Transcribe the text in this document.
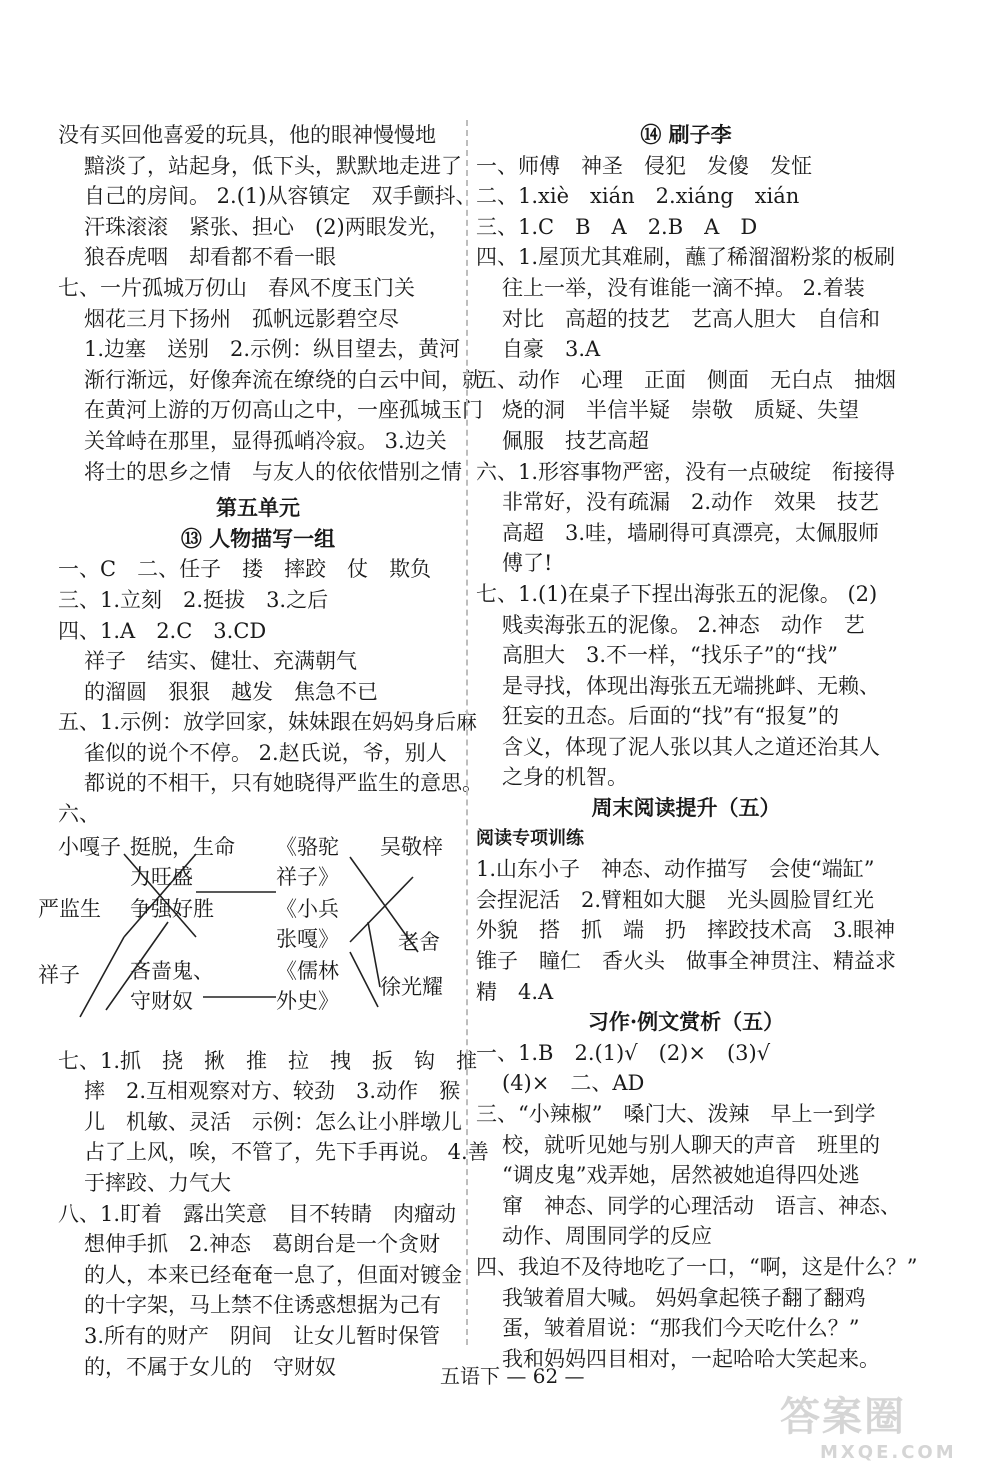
没有买回他喜爱的玩具，他的眼神慢慢地
黯淡了，站起身，低下头，默默地走进了
自己的房间。 2.(1)从容镇定　双手颤抖、
汗珠滚滚　紧张、担心　(2)两眼发光，
狼吞虎咽　却看都不看一眼
七、 一片孤城万仞山　春风不度玉门关
烟花三月下扬州　孤帆远影碧空尽
1.边塞　送别　2.示例：纵目望去，黄河
渐行渐远，好像奔流在缭绕的白云中间，就
在黄河上游的万仞高山之中，一座孤城玉门
关耸峙在那里，显得孤峭冷寂。 3.边关
将士的思乡之情　与友人的依依惜别之情
第五单元
⑬ 人物描写一组
一、 C　二、任子　搂　摔跤　仗　欺负
三、 1.立刻　2.挺拔　3.之后
四、 1.A　2.C　3.CD
祥子　结实、健壮、充满朝气
的溜圆　狠狠　越发　焦急不已
五、 1.示例：放学回家，妹妹跟在妈妈身后麻
雀似的说个不停。 2.赵氏说，爷，别人
都说的不相干，只有她晓得严监生的意思。
六、
小嘎子
严监生
祥子
挺脱，生命
力旺盛
争强好胜
吝啬鬼、
守财奴
《骆驼
祥子》
《小兵
张嘎》
《儒林
外史》
吴敬梓
老舍
徐光耀
七、 1.抓　挠　揪　推　拉　拽　扳　钩　推
摔　2.互相观察对方、较劲　3.动作　猴
儿　机敏、灵活　示例：怎么让小胖墩儿
占了上风，唉，不管了，先下手再说。 4.善
于摔跤、力气大
八、 1.盯着　露出笑意　目不转睛　肉瘤动
想伸手抓　2.神态　葛朗台是一个贪财
的人，本来已经奄奄一息了，但面对镀金
的十字架，马上禁不住诱惑想据为己有
3.所有的财产　阴间　让女儿暂时保管
的，不属于女儿的　守财奴
⑭ 刷子李
一、 师傅　神圣　侵犯　发傻　发怔
二、 1.xiè　xián　2.xiáng　xián
三、 1.C　B　A　2.B　A　D
四、 1.屋顶尤其难刷，蘸了稀溜溜粉浆的板刷
往上一举，没有谁能一滴不掉。 2.着装
对比　高超的技艺　艺高人胆大　自信和
自豪　3.A
五、 动作　心理　正面　侧面　无白点　抽烟
烧的洞　半信半疑　崇敬　质疑、失望
佩服　技艺高超
六、 1.形容事物严密，没有一点破绽　衔接得
非常好，没有疏漏　2.动作　效果　技艺
高超　3.哇，墙刷得可真漂亮，太佩服师
傅了!
七、 1.(1)在桌子下捏出海张五的泥像。 (2)
贱卖海张五的泥像。 2.神态　动作　艺
高胆大　3.不一样，“找乐子”的“找”
是寻找，体现出海张五无端挑衅、无赖、
狂妄的丑态。后面的“找”有“报复”的
含义，体现了泥人张以其人之道还治其人
之身的机智。
周末阅读提升（五）
阅读专项训练
1.山东小子　神态、动作描写　会使“端缸”
会捏泥活　2.臂粗如大腿　光头圆脸冒红光
外貌　搭　抓　端　扔　摔跤技术高　3.眼神
锥子　瞳仁　香火头　做事全神贯注、精益求
精　4.A
习作·例文赏析（五）
一、 1.B　2.(1)√　(2)×　(3)√
(4)×　二、AD
三、 “小辣椒”　嗓门大、泼辣　早上一到学
校，就听见她与别人聊天的声音　班里的
“调皮鬼”戏弄她，居然被她追得四处逃
窜　神态、同学的心理活动　语言、神态、
动作、周围同学的反应
四、 我迫不及待地吃了一口，“啊，这是什么？”
我皱着眉大喊。 妈妈拿起筷子翻了翻鸡
蛋，皱着眉说：“那我们今天吃什么？”
我和妈妈四目相对，一起哈哈大笑起来。
五语下 — 62 —
答案圈
MXQE.COM
